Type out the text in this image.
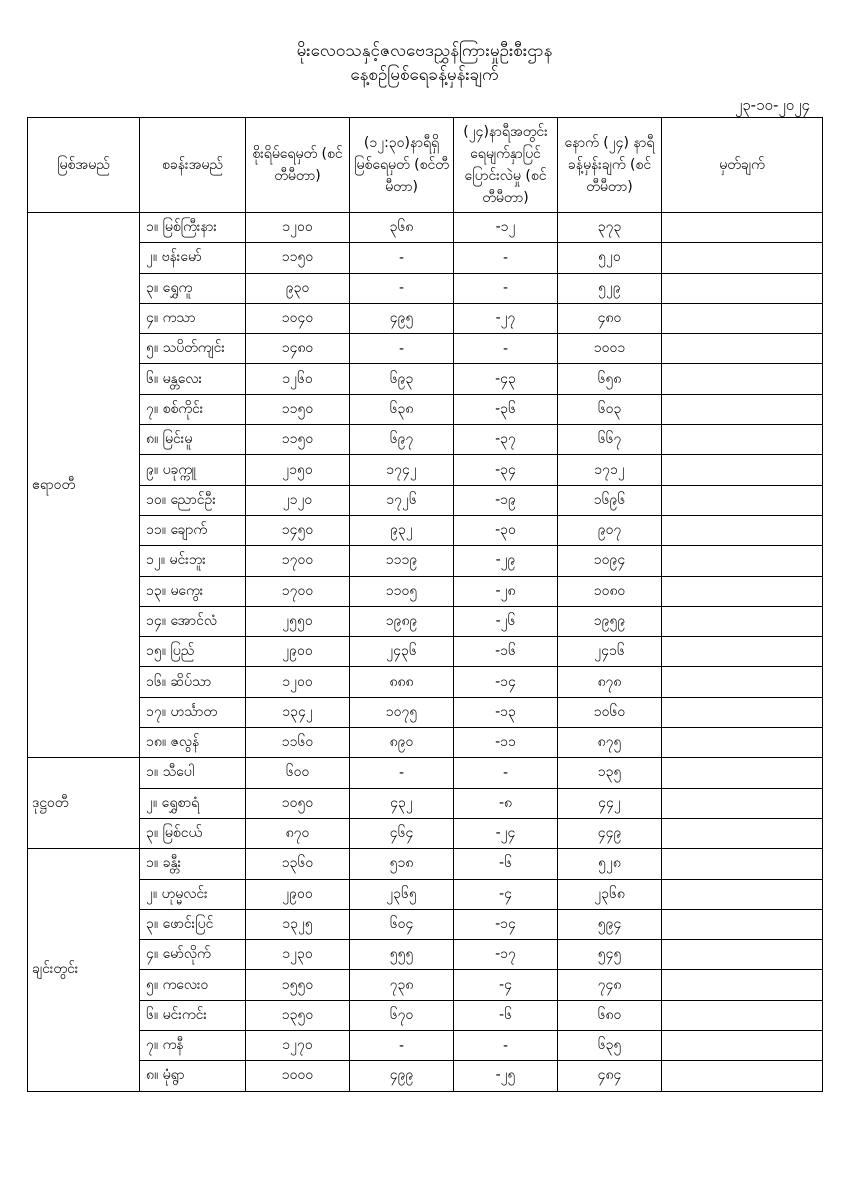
မိုးလေဝသနှင့်ဇလဗေဒညွှန်ကြားမှုဦးစီးဌာန
နေ့စဉ်မြစ်ရေခန့်မှန်းချက်
၂၃-၁၀-၂၀၂၄
မြစ်အမည်	စခန်းအမည်	စိုးရိမ်ရေမှတ် (စင်တီမီတာ)	(၁၂:၃၀)နာရီရှိ မြစ်ရေမှတ် (စင်တီမီတာ)	(၂၄)နာရီအတွင်း ရေမျက်နှာပြင် ပြောင်းလဲမှု (စင်တီမီတာ)	နောက် (၂၄) နာရီ ခန့်မှန်းချက် (စင်တီမီတာ)	မှတ်ချက်
ဧရာဝတီ	၁။ မြစ်ကြီးနား	၁၂၀၀	၃၆၈	-၁၂	၃၇၃	
	၂။ ဗန်းမော်	၁၁၅၀	-	-	၅၂၀	
	၃။ ရွှေကူ	၉၃၀	-	-	၅၂၉	
	၄။ ကသာ	၁၀၄၀	၄၉၅	-၂၇	၄၈၀	
	၅။ သပိတ်ကျင်း	၁၄၈၀	-	-	၁၀၀၁	
	၆။ မန္တလေး	၁၂၆၀	၆၉၃	-၄၃	၆၅၈	
	၇။ စစ်ကိုင်း	၁၁၅၀	၆၃၈	-၃၆	၆၀၃	
	၈။ မြင်းမူ	၁၁၅၀	၆၉၇	-၃၇	၆၆၇	
	၉။ ပခုက္ကူ	၂၁၅၀	၁၇၄၂	-၃၄	၁၇၁၂	
	၁၀။ ညောင်ဦး	၂၁၂၀	၁၇၂၆	-၁၉	၁၆၉၆	
	၁၁။ ချောက်	၁၄၅၀	၉၃၂	-၃၀	၉၀၇	
	၁၂။ မင်းဘူး	၁၇၀၀	၁၁၁၉	-၂၉	၁၀၉၄	
	၁၃။ မကွေး	၁၇၀၀	၁၁၀၅	-၂၈	၁၀၈၀	
	၁၄။ အောင်လံ	၂၅၅၀	၁၉၈၉	-၂၆	၁၉၅၉	
	၁၅။ ပြည်	၂၉၀၀	၂၄၃၆	-၁၆	၂၄၁၆	
	၁၆။ ဆိပ်သာ	၁၂၀၀	၈၈၈	-၁၄	၈၇၈	
	၁၇။ ဟင်္သာတ	၁၃၄၂	၁၀၇၅	-၁၃	၁၀၆၀	
	၁၈။ ဇလွန်	၁၁၆၀	၈၉၀	-၁၁	၈၇၅	
ဒုဋ္ဌဝတီ	၁။ သီပေါ	၆၀၀	-	-	၁၃၅	
	၂။ ရွှေစာရံ	၁၀၅၀	၄၃၂	-၈	၄၄၂	
	၃။ မြစ်ငယ်	၈၇၀	၄၆၄	-၂၄	၄၄၉	
ချင်းတွင်း	၁။ ခန္တီး	၁၃၆၀	၅၁၈	-၆	၅၂၈	
	၂။ ဟုမ္မလင်း	၂၉၀၀	၂၃၆၅	-၄	၂၃၆၈	
	၃။ ဖောင်းပြင်	၁၃၂၅	၆၀၄	-၁၄	၅၉၄	
	၄။ မော်လိုက်	၁၂၃၀	၅၅၅	-၁၇	၅၄၅	
	၅။ ကလေးဝ	၁၅၅၀	၇၃၈	-၄	၇၄၈	
	၆။ မင်းကင်း	၁၃၅၀	၆၇၀	-၆	၆၈၀	
	၇။ ကနီ	၁၂၇၀	-	-	၆၃၅	
	၈။ မုံရွာ	၁၀၀၀	၄၉၉	-၂၅	၄၈၄	
